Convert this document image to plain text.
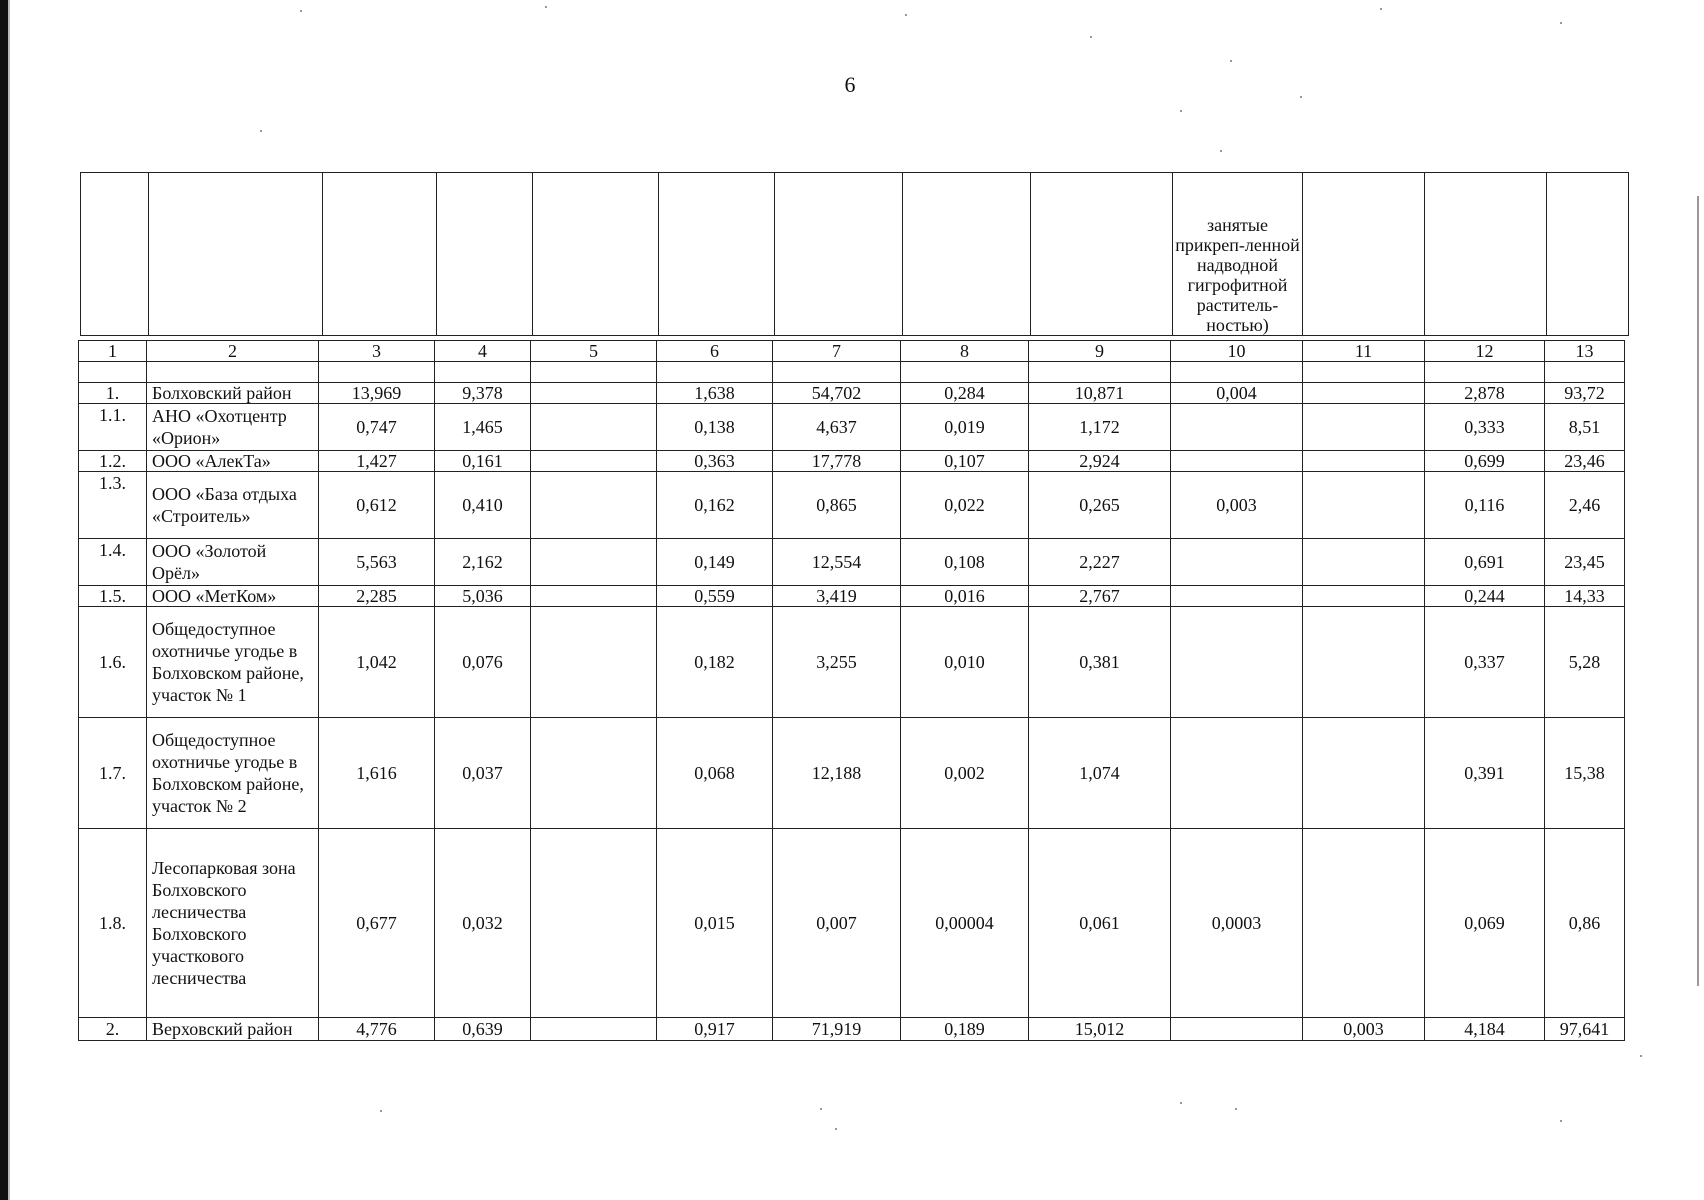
6
									занятые прикреп-ленной надводной гигрофитной раститель-ностью)			
1	2	3	4	5	6	7	8	9	10	11	12	13

1.	Болховский район	13,969	9,378		1,638	54,702	0,284	10,871	0,004		2,878	93,72
1.1.	АНО «Охотцентр «Орион»	0,747	1,465		0,138	4,637	0,019	1,172			0,333	8,51
1.2.	ООО «АлекТа»	1,427	0,161		0,363	17,778	0,107	2,924			0,699	23,46
1.3.	ООО «База отдыха «Строитель»	0,612	0,410		0,162	0,865	0,022	0,265	0,003		0,116	2,46
1.4.	ООО «Золотой Орёл»	5,563	2,162		0,149	12,554	0,108	2,227			0,691	23,45
1.5.	ООО «МетКом»	2,285	5,036		0,559	3,419	0,016	2,767			0,244	14,33
1.6.	Общедоступное охотничье угодье в Болховском районе, участок № 1	1,042	0,076		0,182	3,255	0,010	0,381			0,337	5,28
1.7.	Общедоступное охотничье угодье в Болховском районе, участок № 2	1,616	0,037		0,068	12,188	0,002	1,074			0,391	15,38
1.8.	Лесопарковая зона Болховского лесничества Болховского участкового лесничества	0,677	0,032		0,015	0,007	0,00004	0,061	0,0003		0,069	0,86
2.	Верховский район	4,776	0,639		0,917	71,919	0,189	15,012		0,003	4,184	97,641
